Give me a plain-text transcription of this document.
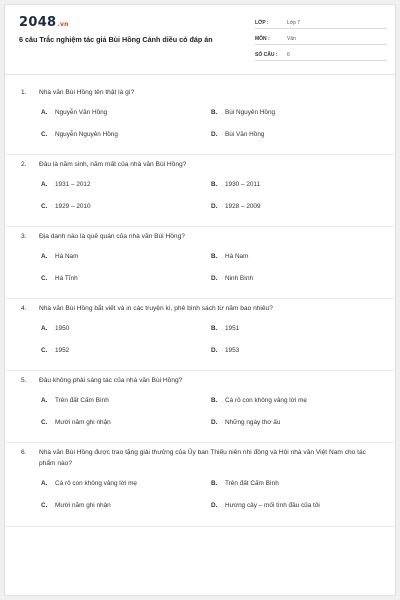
2048.vn
6 câu Trắc nghiệm tác giả Bùi Hồng Cánh diều có đáp án
LỚP :	Lớp 7
MÔN :	Văn
SỐ CÂU :	6
1.	Nhà văn Bùi Hồng tên thật là gì?
A.	Nguyễn Văn Hồng	B.	Bùi Nguyên Hồng
C.	Nguyễn Nguyên Hồng	D.	Bùi Văn Hồng
2.	Đâu là năm sinh, năm mất của nhà văn Bùi Hồng?
A.	1931 – 2012	B.	1930 – 2011
C.	1929 – 2010	D.	1928 – 2009
3.	Địa danh nào là quê quán của nhà văn Bùi Hồng?
A.	Hà Nam	B.	Hà Nam
C.	Hà Tĩnh	D.	Ninh Bình
4.	Nhà văn Bùi Hồng bắt viết và in các truyện kí, phê bình sách từ năm bao nhiêu?
A.	1950	B.	1951
C.	1952	D.	1953
5.	Đâu không phải sáng tác của nhà văn Bùi Hồng?
A.	Trên đất Cấm Bình	B.	Cá rô con không vâng lời mẹ
C.	Mười năm ghi nhận	D.	Những ngày thơ ấu
6.	Nhà văn Bùi Hồng được trao tặng giải thưởng của Ủy ban Thiếu niên nhi đồng và Hội nhà văn Việt Nam cho tác phẩm nào?
A.	Cá rô con không vâng lời mẹ	B.	Trên đất Cấm Bình
C.	Mười năm ghi nhận	D.	Hương cây – mối tình đầu của tôi
